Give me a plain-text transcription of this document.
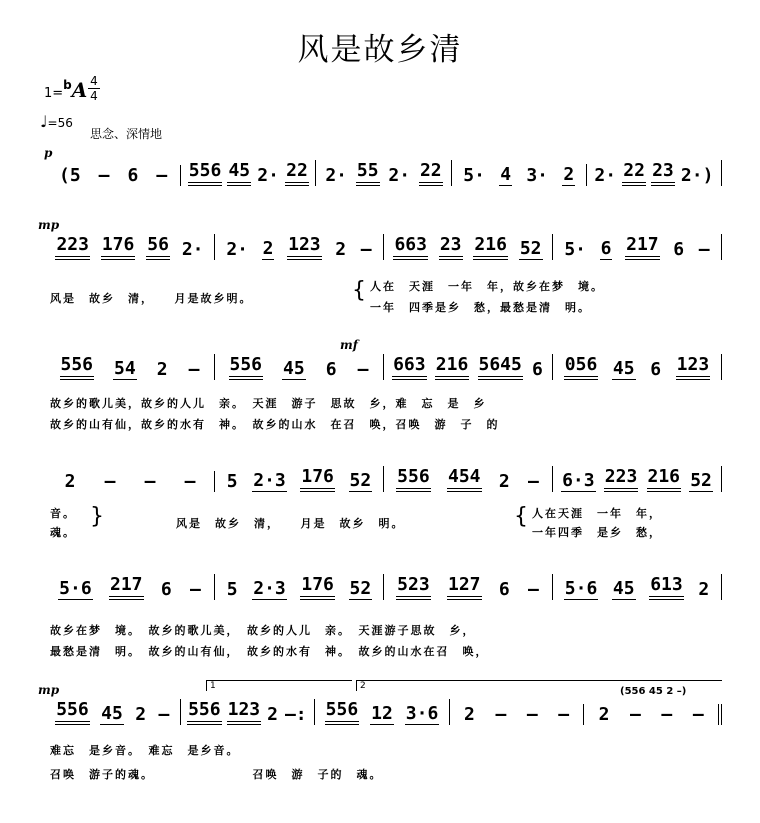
风是故乡清
1=bA 4
4
♩=56
思念、深情地
p
(5 – 6 – 556 45 2· 22 2· 55 2· 22 5· 4 3· 2 2· 22 23 2·)
mp
223 176 56 2· 2· 2 123 2 – 663 23 216 52 5· 6 217 6 –
风是　故乡　清，　　月是故乡明。	{ 人在　天涯　一年　年，故乡在梦　境。
一年　四季是乡　愁，最愁是清　明。
mf
556 54 2 – 556 45 6 – 663 216 5645 6 056 45 6 123
故乡的歌儿美，故乡的人儿　亲。　天涯　游子　思故　乡，难　忘　是　乡
故乡的山有仙，故乡的水有　神。　故乡的山水　在召　唤，召唤　游　子　的
2 – – – 5 2·3 176 52 556 454 2 – 6·3 223 216 52
音。
魂。
}	风是　故乡　清，　　月是　故乡　明。	{ 人在天涯　一年　年，
一年四季　是乡　愁，
5·6 217 6 – 5 2·3 176 52 523 127 6 – 5·6 45 613 2
故乡在梦　境。　故乡的歌儿美，　故乡的人儿　亲。　天涯游子思故　乡，
最愁是清　明。　故乡的山有仙，　故乡的水有　神。　故乡的山水在召　唤，
mp	1	2	(556 45 2 –)
556 45 2 – 556 123 2 –: 556 12 3·6 2 – – – 2 – – –
难忘　是乡音。　难忘　是乡音。
召唤　游子的魂。　　　　　　　　召唤　游　子的　魂。
